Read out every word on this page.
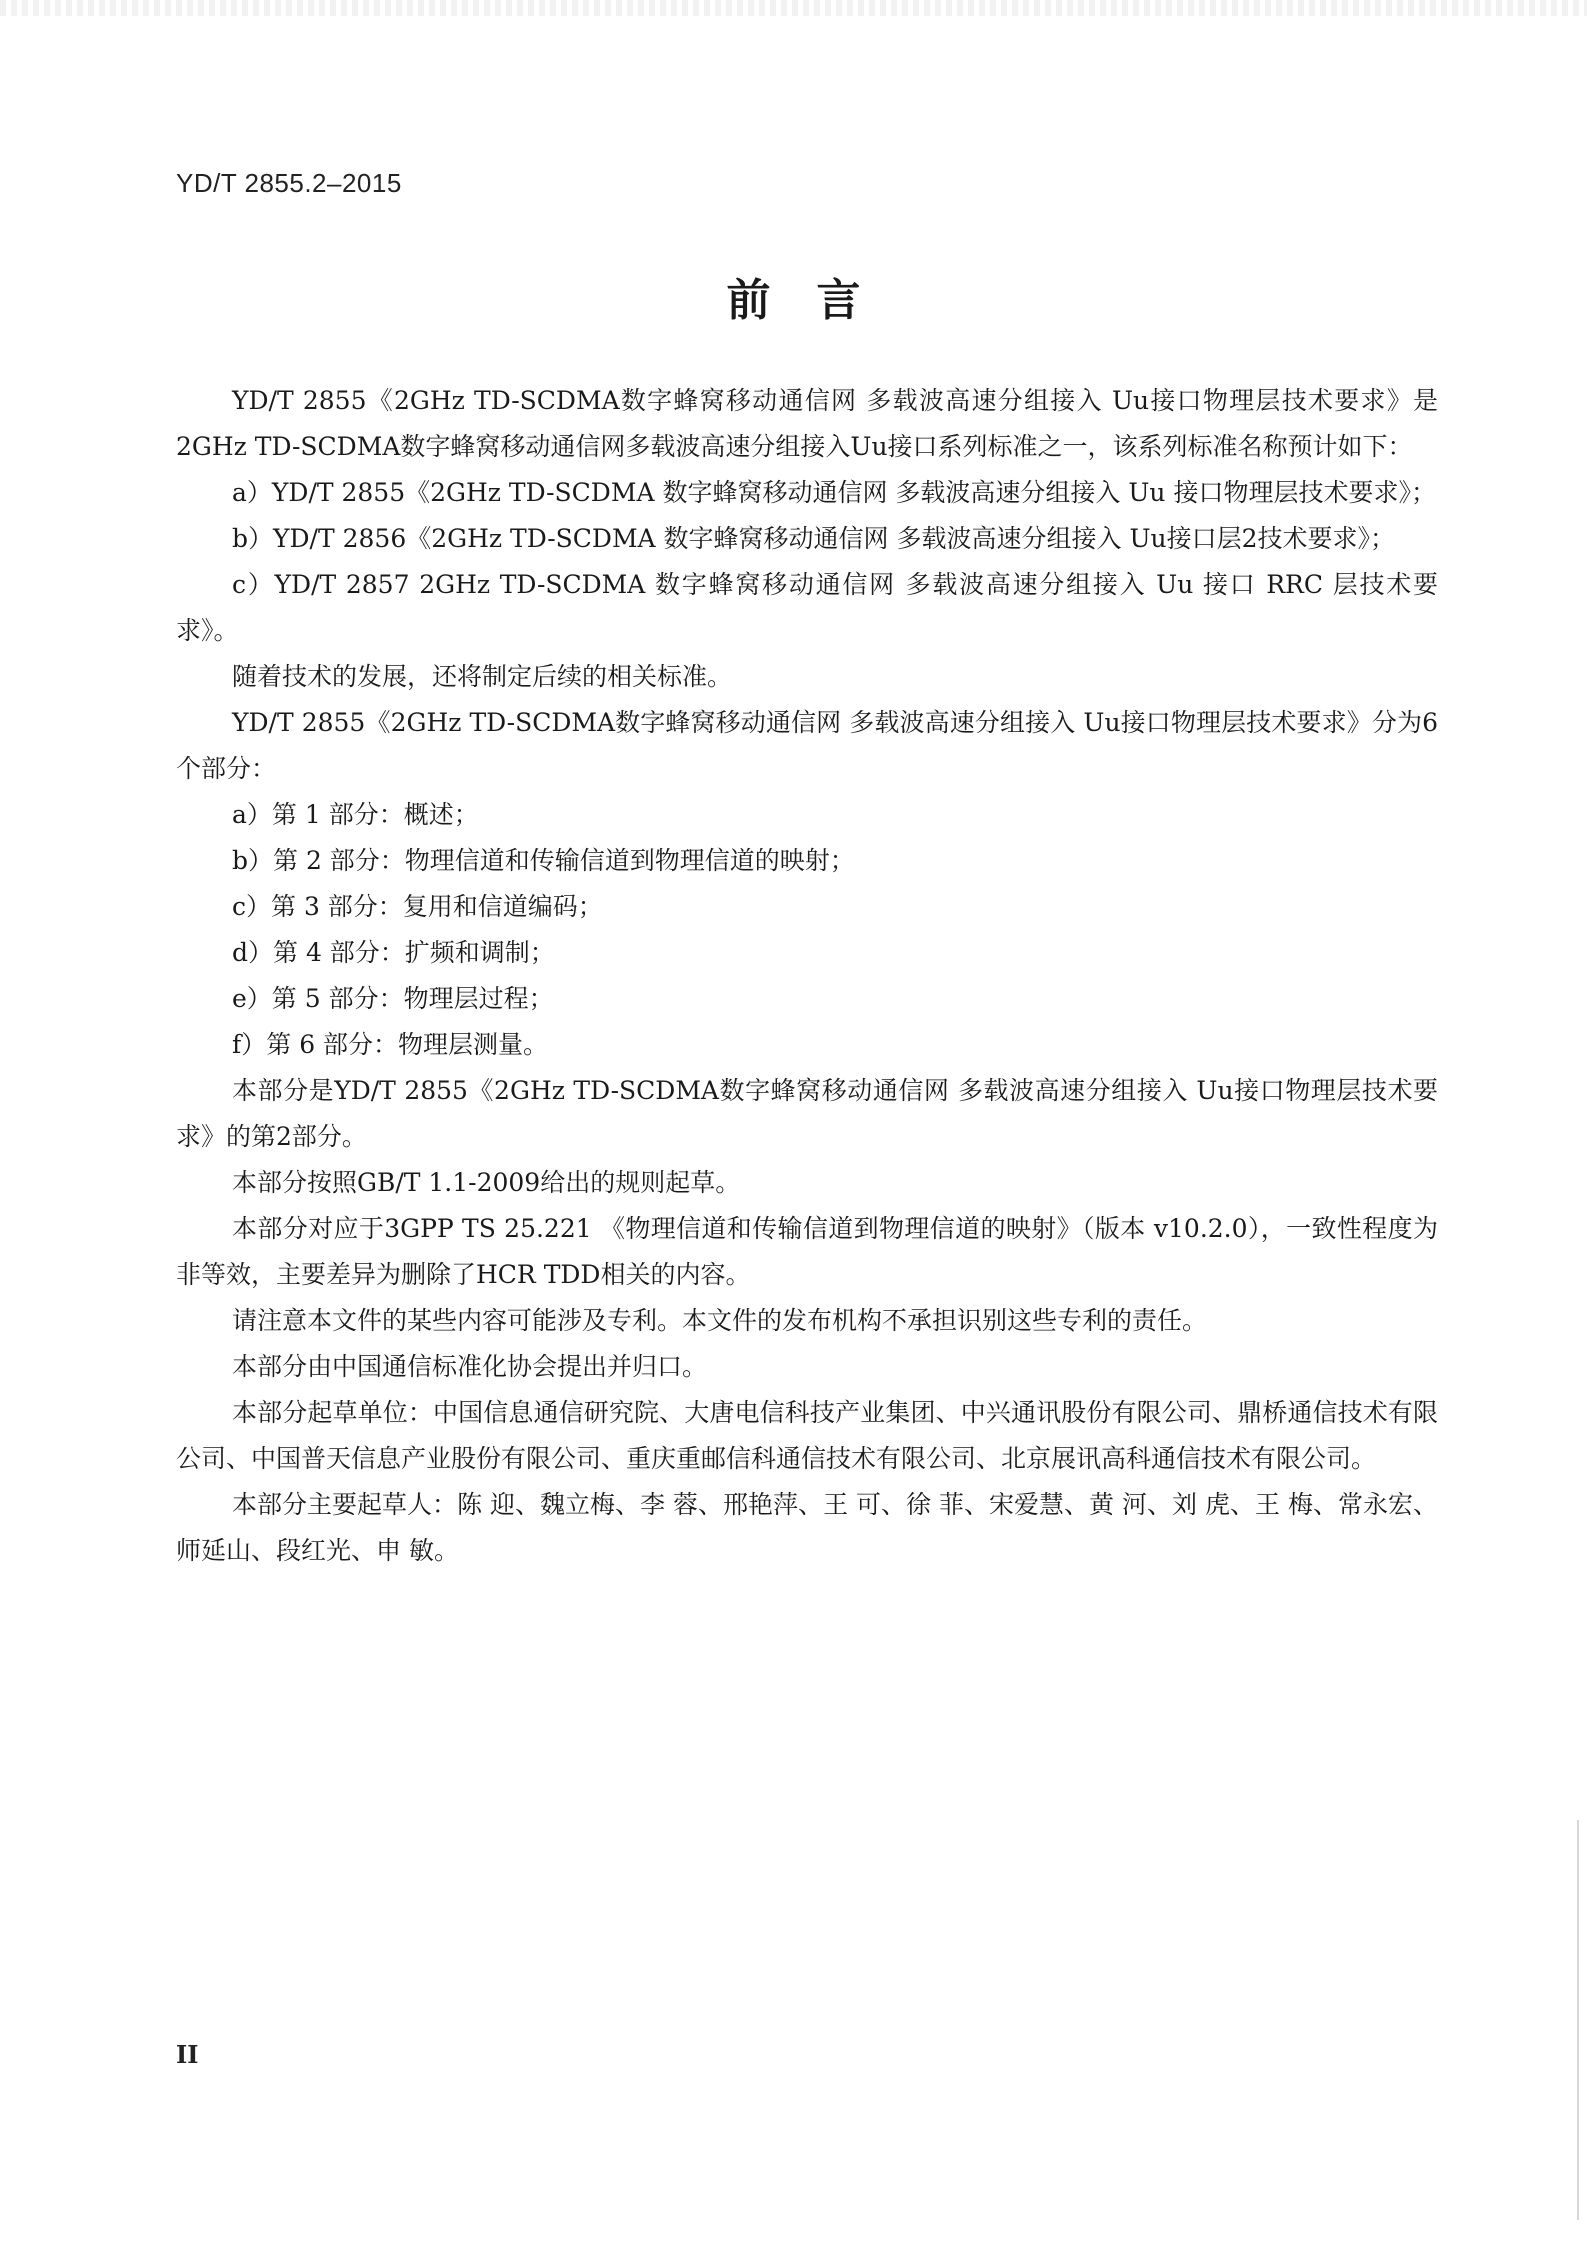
YD/T 2855.2–2015
前言

YD/T 2855《2GHz TD-SCDMA数字蜂窝移动通信网 多载波高速分组接入 Uu接口物理层技术要求》是2GHz TD-SCDMA数字蜂窝移动通信网多载波高速分组接入Uu接口系列标准之一，该系列标准名称预计如下：

a）YD/T 2855《2GHz TD-SCDMA 数字蜂窝移动通信网 多载波高速分组接入 Uu 接口物理层技术要求》；

b）YD/T 2856《2GHz TD-SCDMA 数字蜂窝移动通信网 多载波高速分组接入 Uu接口层2技术要求》；

c）YD/T 2857 2GHz TD-SCDMA 数字蜂窝移动通信网 多载波高速分组接入 Uu 接口 RRC 层技术要求》。

随着技术的发展，还将制定后续的相关标准。

YD/T 2855《2GHz TD-SCDMA数字蜂窝移动通信网 多载波高速分组接入 Uu接口物理层技术要求》分为6个部分：

a）第 1 部分：概述；

b）第 2 部分：物理信道和传输信道到物理信道的映射；

c）第 3 部分：复用和信道编码；

d）第 4 部分：扩频和调制；

e）第 5 部分：物理层过程；

f）第 6 部分：物理层测量。

本部分是YD/T 2855《2GHz TD-SCDMA数字蜂窝移动通信网 多载波高速分组接入 Uu接口物理层技术要求》的第2部分。

本部分按照GB/T 1.1-2009给出的规则起草。

本部分对应于3GPP TS 25.221 《物理信道和传输信道到物理信道的映射》（版本 v10.2.0），一致性程度为非等效，主要差异为删除了HCR TDD相关的内容。

请注意本文件的某些内容可能涉及专利。本文件的发布机构不承担识别这些专利的责任。

本部分由中国通信标准化协会提出并归口。

本部分起草单位：中国信息通信研究院、大唐电信科技产业集团、中兴通讯股份有限公司、鼎桥通信技术有限公司、中国普天信息产业股份有限公司、重庆重邮信科通信技术有限公司、北京展讯高科通信技术有限公司。

本部分主要起草人：陈 迎、魏立梅、李 蓉、邢艳萍、王 可、徐 菲、宋爱慧、黄 河、刘 虎、王 梅、常永宏、师延山、段红光、申 敏。

II
